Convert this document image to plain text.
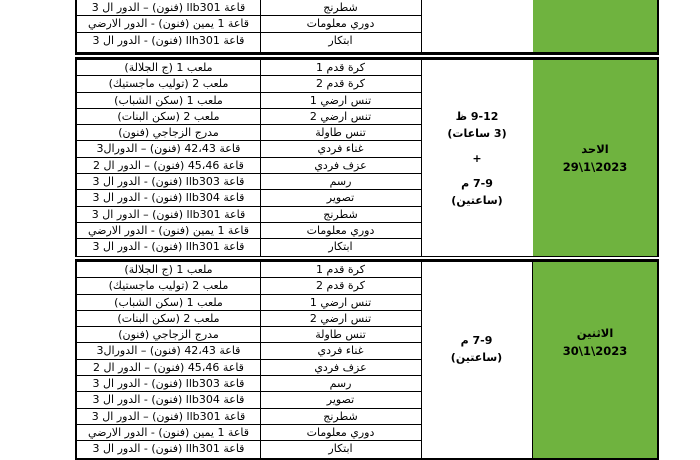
قاعة llb301 (فنون) – الدور ال 3
قاعة 1 يمين (فنون) - الدور الارضي
قاعة llh301 (فنون) - الدور ال 3
شطرنج
دوري معلومات
ابتكار
ملعب 1 (ج الجلالة)
ملعب 2 (توليب ماجستيك)
ملعب 1 (سكن الشباب)
ملعب 2 (سكن البنات)
مدرج الزجاجي (فنون)
قاعة 42،43 (فنون) – الدورال3
قاعة 45،46 (فنون) – الدور ال 2
قاعة llb303 (فنون) - الدور ال 3
قاعة llb304 (فنون) - الدور ال 3
قاعة llb301 (فنون) – الدور ال 3
قاعة 1 يمين (فنون) - الدور الارضي
قاعة llh301 (فنون) - الدور ال 3
كرة قدم 1
كرة قدم 2
تنس ارضي 1
تنس ارضي 2
تنس طاولة
غناء فردي
عزف فردي
رسم
تصوير
شطرنج
دوري معلومات
ابتكار
9-12 ظ
(3 ساعات)
+
7-9 م
(ساعتين)
الاحد
2023\1\29
ملعب 1 (ج الجلالة)
ملعب 2 (توليب ماجستيك)
ملعب 1 (سكن الشباب)
ملعب 2 (سكن البنات)
مدرج الزجاجي (فنون)
قاعة 42،43 (فنون) – الدورال3
قاعة 45،46 (فنون) – الدور ال 2
قاعة llb303 (فنون) - الدور ال 3
قاعة llb304 (فنون) - الدور ال 3
قاعة llb301 (فنون) – الدور ال 3
قاعة 1 يمين (فنون) - الدور الارضي
قاعة llh301 (فنون) - الدور ال 3
كرة قدم 1
كرة قدم 2
تنس ارضي 1
تنس ارضي 2
تنس طاولة
غناء فردي
عزف فردي
رسم
تصوير
شطرنج
دوري معلومات
ابتكار
7-9 م
(ساعتين)
الاثنين
2023\1\30
